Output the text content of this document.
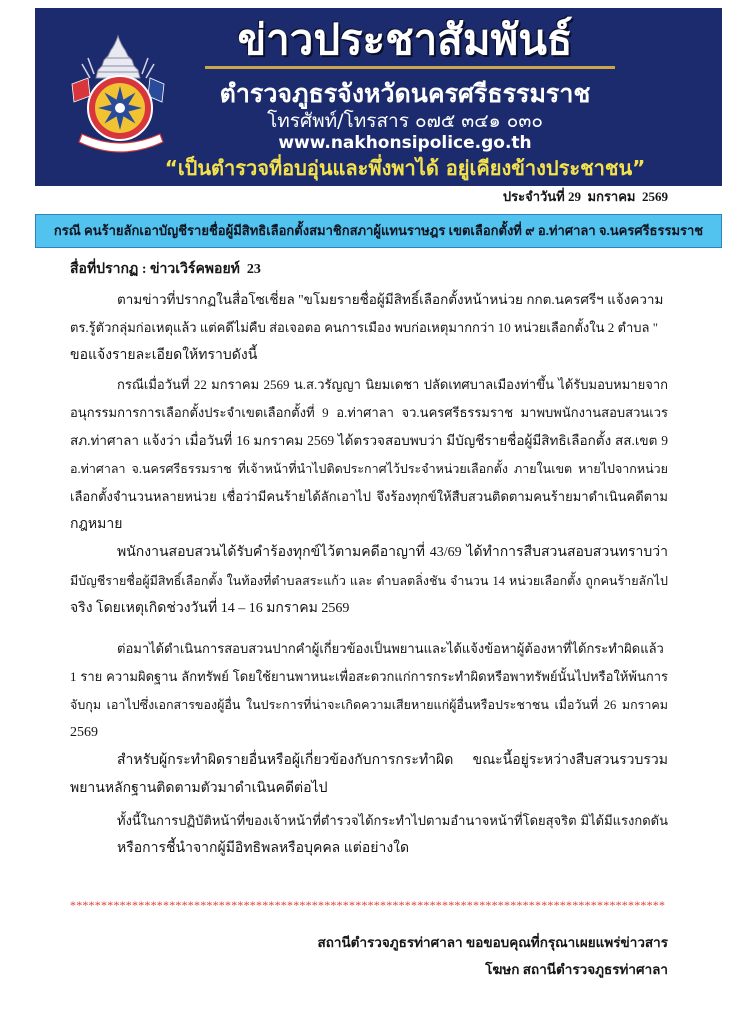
ข่าวประชาสัมพันธ์
ตำรวจภูธรจังหวัดนครศรีธรรมราช
โทรศัพท์/โทรสาร ๐๗๕ ๓๔๑ ๐๓๐
www.nakhonsipolice.go.th
“เป็นตำรวจที่อบอุ่นและพึ่งพาได้ อยู่เคียงข้างประชาชน”
ประจำวันที่ 29  มกราคม  2569
กรณี คนร้ายลักเอาบัญชีรายชื่อผู้มีสิทธิเลือกตั้งสมาชิกสภาผู้แทนราษฎร เขตเลือกตั้งที่ ๙ อ.ท่าศาลา จ.นครศรีธรรมราช
สื่อที่ปรากฏ : ข่าวเวิร์คพอยท์  23
ตามข่าวที่ปรากฏในสื่อโซเชี่ยล "ขโมยรายชื่อผู้มีสิทธิ์เลือกตั้งหน้าหน่วย กกต.นครศรีฯ แจ้งความ
ตร.รู้ตัวกลุ่มก่อเหตุแล้ว แต่คดีไม่คืบ ส่อเจอตอ คนการเมือง พบก่อเหตุมากกว่า 10 หน่วยเลือกตั้งใน 2 ตำบล "
ขอแจ้งรายละเอียดให้ทราบดังนี้
กรณีเมื่อวันที่ 22 มกราคม 2569 น.ส.วรัญญา นิยมเดชา ปลัดเทศบาลเมืองท่าขึ้น ได้รับมอบหมายจาก
อนุกรรมการการเลือกตั้งประจำเขตเลือกตั้งที่ 9 อ.ท่าศาลา จว.นครศรีธรรมราช มาพบพนักงานสอบสวนเวร
สภ.ท่าศาลา แจ้งว่า เมื่อวันที่ 16 มกราคม 2569 ได้ตรวจสอบพบว่า มีบัญชีรายชื่อผู้มีสิทธิเลือกตั้ง สส.เขต 9
อ.ท่าศาลา จ.นครศรีธรรมราช ที่เจ้าหน้าที่นำไปติดประกาศไว้ประจำหน่วยเลือกตั้ง ภายในเขต หายไปจากหน่วย
เลือกตั้งจำนวนหลายหน่วย เชื่อว่ามีคนร้ายได้ลักเอาไป จึงร้องทุกข์ให้สืบสวนติดตามคนร้ายมาดำเนินคดีตาม
กฎหมาย
พนักงานสอบสวนได้รับคำร้องทุกข์ไว้ตามคดีอาญาที่ 43/69 ได้ทำการสืบสวนสอบสวนทราบว่า
มีบัญชีรายชื่อผู้มีสิทธิ์เลือกตั้ง ในท้องที่ตำบลสระแก้ว และ ตำบลตลิ่งชัน จำนวน 14 หน่วยเลือกตั้ง ถูกคนร้ายลักไป
จริง โดยเหตุเกิดช่วงวันที่ 14 – 16 มกราคม 2569
ต่อมาได้ดำเนินการสอบสวนปากคำผู้เกี่ยวข้องเป็นพยานและได้แจ้งข้อหาผู้ต้องหาที่ได้กระทำผิดแล้ว
1 ราย ความผิดฐาน ลักทรัพย์ โดยใช้ยานพาหนะเพื่อสะดวกแก่การกระทำผิดหรือพาทรัพย์นั้นไปหรือให้พ้นการ
จับกุม เอาไปซึ่งเอกสารของผู้อื่น ในประการที่น่าจะเกิดความเสียหายแก่ผู้อื่นหรือประชาชน เมื่อวันที่ 26 มกราคม
2569
สำหรับผู้กระทำผิดรายอื่นหรือผู้เกี่ยวข้องกับการกระทำผิด ขณะนี้อยู่ระหว่างสืบสวนรวบรวม
พยานหลักฐานติดตามตัวมาดำเนินคดีต่อไป
ทั้งนี้ในการปฏิบัติหน้าที่ของเจ้าหน้าที่ตำรวจได้กระทำไปตามอำนาจหน้าที่โดยสุจริต มิได้มีแรงกดดัน
หรือการชี้นำจากผู้มีอิทธิพลหรือบุคคล แต่อย่างใด
************************************************************************************************
สถานีตำรวจภูธรท่าศาลา ขอขอบคุณที่กรุณาเผยแพร่ข่าวสาร
โฆษก สถานีตำรวจภูธรท่าศาลา
